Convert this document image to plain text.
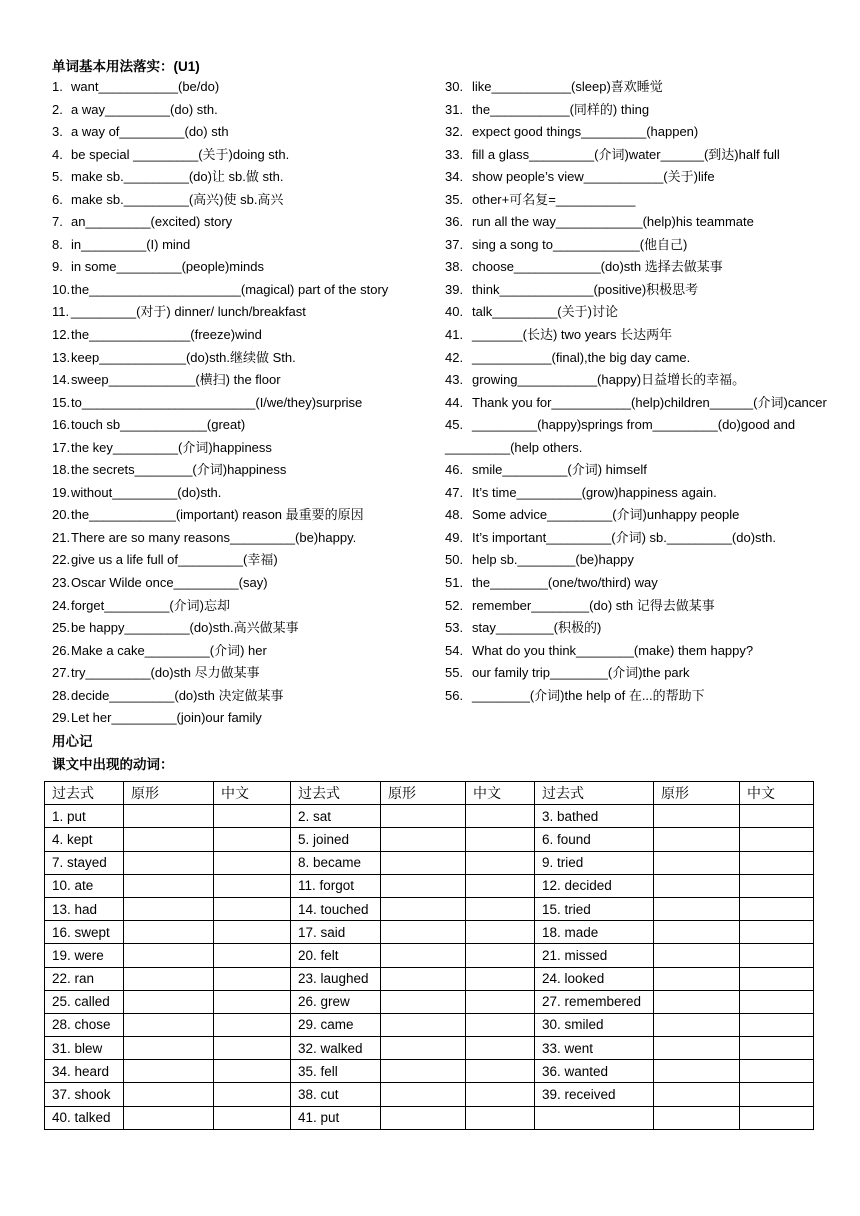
单词基本用法落实：(U1)
1. want___________(be/do)
2. a way_________(do) sth.
3. a way of_________(do) sth
4. be special _________(关于)doing sth.
5. make sb._________(do)让 sb.做 sth.
6. make sb._________(高兴)使 sb.高兴
7. an_________(excited) story
8. in_________(I) mind
9. in some_________(people)minds
10. the_____________________(magical) part of the story
11. _________(对于) dinner/ lunch/breakfast
12. the______________(freeze)wind
13. keep____________(do)sth.继续做 Sth.
14. sweep____________(横扫) the floor
15. to________________________(I/we/they)surprise
16. touch sb____________(great)
17. the key_________(介词)happiness
18. the secrets________(介词)happiness
19. without_________(do)sth.
20. the____________(important) reason 最重要的原因
21. There are so many reasons_________(be)happy.
22. give us a life full of_________(幸福)
23. Oscar Wilde once_________(say)
24. forget_________(介词)忘却
25. be happy_________(do)sth.高兴做某事
26. Make a cake_________(介词) her
27. try_________(do)sth 尽力做某事
28. decide_________(do)sth 决定做某事
29. Let her_________(join)our family
30. like___________(sleep)喜欢睡觉
31. the___________(同样的) thing
32. expect good things_________(happen)
33. fill a glass_________(介词)water______(到达)half full
34. show people’s view___________(关于)life
35. other+可名复=___________
36. run all the way____________(help)his teammate
37. sing a song to____________(他自己)
38. choose____________(do)sth 选择去做某事
39. think_____________(positive)积极思考
40. talk_________(关于)讨论
41. _______(长达) two years 长达两年
42. ___________(final),the big day came.
43. growing___________(happy)日益增长的幸福。
44. Thank you for___________(help)children______(介词)cancer
45. _________(happy)springs from_________(do)good and _________(help others.
46. smile_________(介词) himself
47. It’s time_________(grow)happiness again.
48. Some advice_________(介词)unhappy people
49. It’s important_________(介词) sb._________(do)sth.
50. help sb.________(be)happy
51. the________(one/two/third) way
52. remember________(do) sth 记得去做某事
53. stay________(积极的)
54. What do you think________(make) them happy?
55. our family trip________(介词)the park
56. ________(介词)the help of 在...的帮助下
用心记
课文中出现的动词：
过去式	原形	中文	过去式	原形	中文	过去式	原形	中文
1. put			2. sat			3. bathed		
4. kept			5. joined			6. found		
7. stayed			8. became			9. tried		
10. ate			11. forgot			12. decided		
13. had			14. touched			15. tried		
16. swept			17. said			18. made		
19. were			20. felt			21. missed		
22. ran			23. laughed			24. looked		
25. called			26. grew			27. remembered		
28. chose			29. came			30. smiled		
31. blew			32. walked			33. went		
34. heard			35. fell			36. wanted		
37. shook			38. cut			39. received		
40. talked			41. put					
